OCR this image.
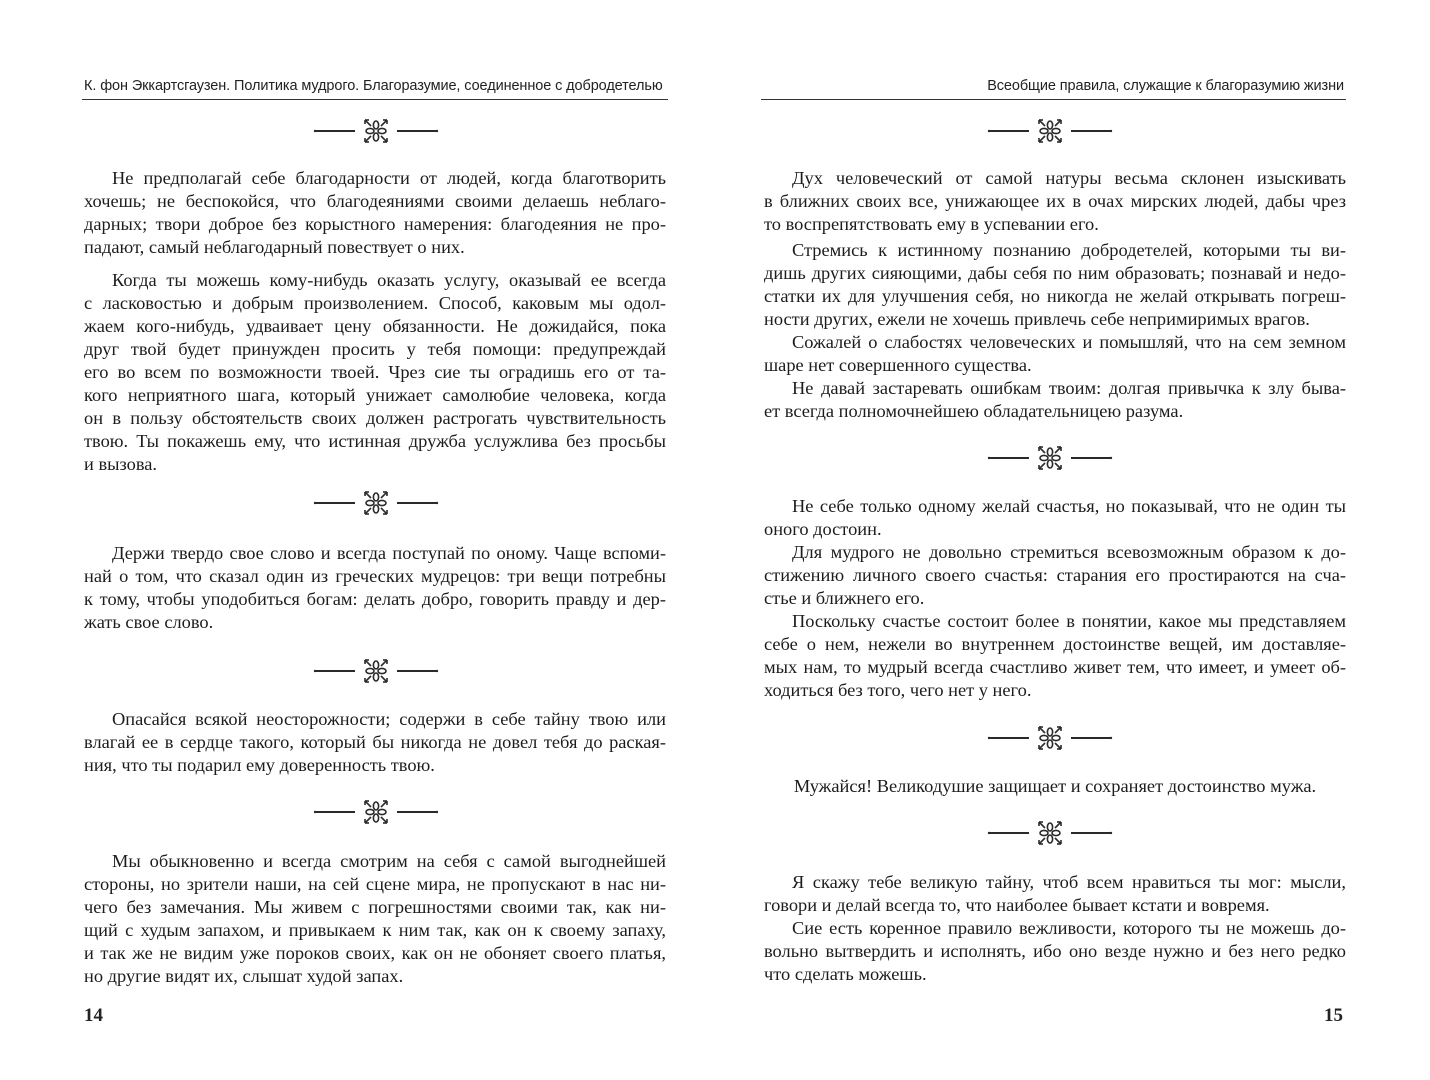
К. фон Эккартсгаузен. Политика мудрого. Благоразумие, соединенное с добродетелью
Не предполагай себе благодарности от людей, когда благотворить
хочешь; не беспокойся, что благодеяниями своими делаешь неблаго-
дарных; твори доброе без корыстного намерения: благодеяния не про-
падают, самый неблагодарный повествует о них.
Когда ты можешь кому-нибудь оказать услугу, оказывай ее всегда
с ласковостью и добрым произволением. Способ, каковым мы одол-
жаем кого-нибудь, удваивает цену обязанности. Не дожидайся, пока
друг твой будет принужден просить у тебя помощи: предупреждай
его во всем по возможности твоей. Чрез сие ты оградишь его от та-
кого неприятного шага, который унижает самолюбие человека, когда
он в пользу обстоятельств своих должен растрогать чувствительность
твою. Ты покажешь ему, что истинная дружба услужлива без просьбы
и вызова.
Держи твердо свое слово и всегда поступай по оному. Чаще вспоми-
най о том, что сказал один из греческих мудрецов: три вещи потребны
к тому, чтобы уподобиться богам: делать добро, говорить правду и дер-
жать свое слово.
Опасайся всякой неосторожности; содержи в себе тайну твою или
влагай ее в сердце такого, который бы никогда не довел тебя до раская-
ния, что ты подарил ему доверенность твою.
Мы обыкновенно и всегда смотрим на себя с самой выгоднейшей
стороны, но зрители наши, на сей сцене мира, не пропускают в нас ни-
чего без замечания. Мы живем с погрешностями своими так, как ни-
щий с худым запахом, и привыкаем к ним так, как он к своему запаху,
и так же не видим уже пороков своих, как он не обоняет своего платья,
но другие видят их, слышат худой запах.
14
Всеобщие правила, служащие к благоразумию жизни
Дух человеческий от самой натуры весьма склонен изыскивать
в ближних своих все, унижающее их в очах мирских людей, дабы чрез
то воспрепятствовать ему в успевании его.
Стремись к истинному познанию добродетелей, которыми ты ви-
дишь других сияющими, дабы себя по ним образовать; познавай и недо-
статки их для улучшения себя, но никогда не желай открывать погреш-
ности других, ежели не хочешь привлечь себе непримиримых врагов.
Сожалей о слабостях человеческих и помышляй, что на сем земном
шаре нет совершенного существа.
Не давай застаревать ошибкам твоим: долгая привычка к злу быва-
ет всегда полномочнейшею обладательницею разума.
Не себе только одному желай счастья, но показывай, что не один ты
оного достоин.
Для мудрого не довольно стремиться всевозможным образом к до-
стижению личного своего счастья: старания его простираются на сча-
стье и ближнего его.
Поскольку счастье состоит более в понятии, какое мы представляем
себе о нем, нежели во внутреннем достоинстве вещей, им доставляе-
мых нам, то мудрый всегда счастливо живет тем, что имеет, и умеет об-
ходиться без того, чего нет у него.
Мужайся! Великодушие защищает и сохраняет достоинство мужа.
Я скажу тебе великую тайну, чтоб всем нравиться ты мог: мысли,
говори и делай всегда то, что наиболее бывает кстати и вовремя.
Сие есть коренное правило вежливости, которого ты не можешь до-
вольно вытвердить и исполнять, ибо оно везде нужно и без него редко
что сделать можешь.
15
